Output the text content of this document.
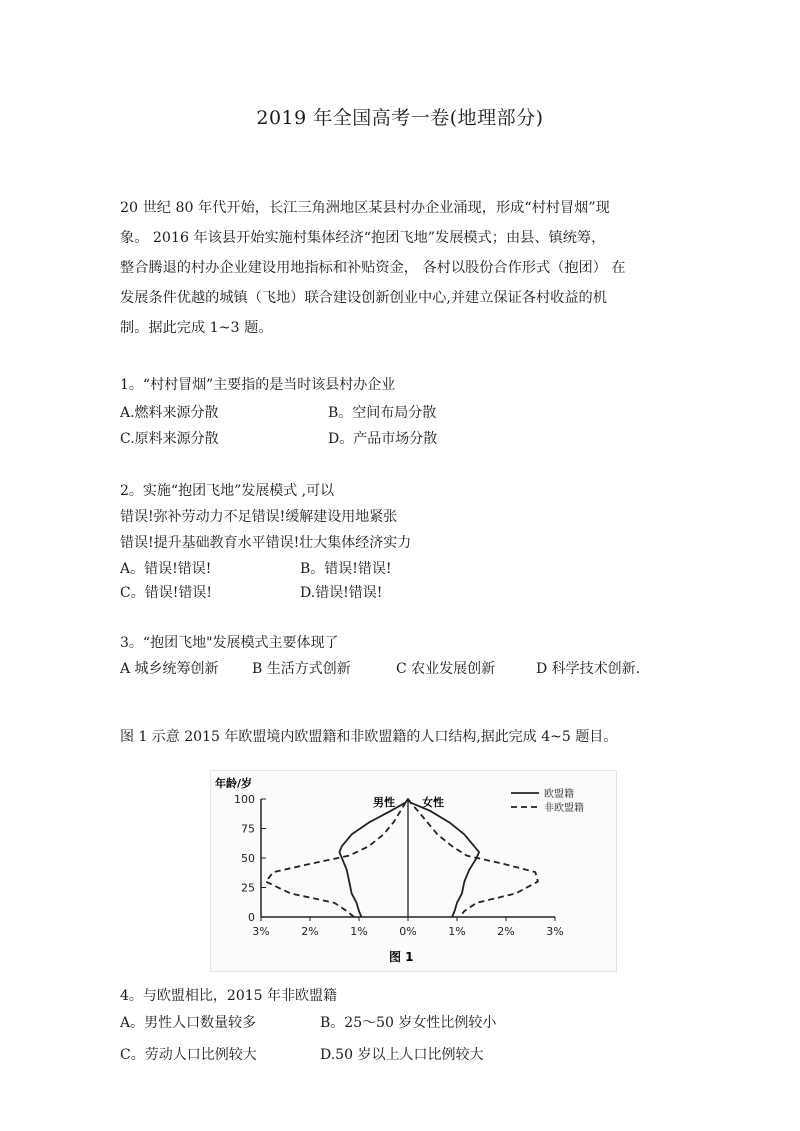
2019 年全国高考一卷(地理部分)
20 世纪 80 年代开始，长江三角洲地区某县村办企业涌现，形成“村村冒烟”现
象。 2016 年该县开始实施村集体经济“抱团飞地”发展模式；由县、镇统筹，
整合腾退的村办企业建设用地指标和补贴资金， 各村以股份合作形式（抱团） 在
发展条件优越的城镇（飞地）联合建设创新创业中心,并建立保证各村收益的机
制。据此完成 1~3 题。
1。“村村冒烟”主要指的是当时该县村办企业
A.燃料来源分散	B。空间布局分散
C.原料来源分散	D。产品市场分散
2。实施“抱团飞地”发展模式 ,可以
错误!弥补劳动力不足错误!缓解建设用地紧张
错误!提升基础教育水平错误!壮大集体经济实力
A。错误!错误!	B。错误!错误!
C。错误!错误!	D.错误!错误!
3。“抱团飞地"发展模式主要体现了
A 城乡统筹创新 B 生活方式创新	C 农业发展创新	D 科学技术创新.
图 1 示意 2015 年欧盟境内欧盟籍和非欧盟籍的人口结构,据此完成 4~5 题目。
100
75
50
25
0
3%	2%	1%	0%	1%	2%	3%
欧盟籍
非欧盟籍
年龄/岁
男性 女性
图 1
4。与欧盟相比，2015 年非欧盟籍
A。男性人口数量较多	B。25～50 岁女性比例较小
C。劳动人口比例较大	D.50 岁以上人口比例较大
